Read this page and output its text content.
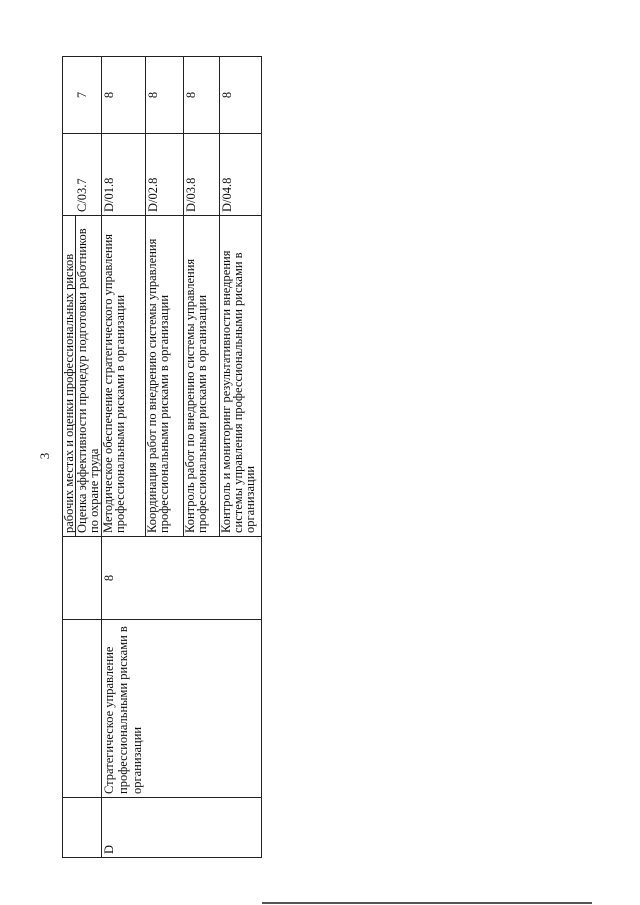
3

			рабочих местах и оценки профессиональных рисков Оценка эффективности процедур подготовки работников по охране труда	C/03.7	7
D	Стратегическое управление профессиональными рисками в организации	8	Методическое обеспечение стратегического управления профессиональными рисками в организации	D/01.8	8
			Координация работ по внедрению системы управления профессиональными рисками в организации	D/02.8	8
			Контроль работ по внедрению системы управления профессиональными рисками в организации	D/03.8	8
			Контроль и мониторинг результативности внедрения системы управления профессиональными рисками в организации	D/04.8	8
